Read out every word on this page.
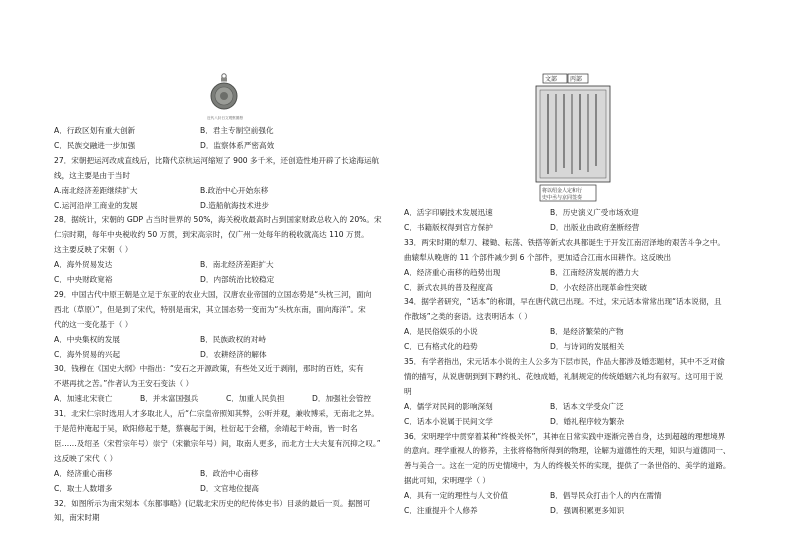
近代八卦日文观察图册
文部 丙部
将以绍金人定和行
史中丞与京同签奏
A．行政区划有重大创新	B．君主专制空前强化
C．民族交融进一步加强	D．监察体系严密高效
27．宋朝把运河改成直线后，比隋代京杭运河缩短了 900 多千米，还创造性地开辟了长途海运航
线，这主要是由于当时
A.南北经济差距继续扩大	B.政治中心开始东移
C.运河沿岸工商业的发展	D.造船航海技术进步
28．据统计，宋朝的 GDP 占当时世界的 50%，海关税收最高时占到国家财政总收入的 20%。宋
仁宗时期，每年中央税收约 50 万贯，到宋高宗时，仅广州一处每年的税收就高达 110 万贯。
这主要反映了宋朝（ ）
A．海外贸易发达	B．南北经济差距扩大
C．中央财政宽裕	D．内部统治比较稳定
29．中国古代中原王朝是立足于东亚的农业大国，汉唐农业帝国的立国态势是“头枕三河，面向
西北（草原）”，但是到了宋代，特别是南宋，其立国态势一变而为“头枕东南，面向海洋”。宋
代的这一变化基于（ ）
A．中央集权的发展	B．民族政权的对峙
C．海外贸易的兴起	D．农耕经济的解体
30．钱穆在《国史大纲》中指出：“安石之开源政策，有些处又近于剥削，那时的百姓，实有
不堪再扰之苦。”作者认为王安石变法（ ）
A．加速北宋衰亡	B．并未富国强兵	C．加重人民负担	D．加强社会管控
31．北宋仁宗时选用人才多取北人，后“仁宗皇帝照知其弊，公听并观，兼收博采，无南北之异。
于是范仲淹起于吴，欧阳修起于楚，蔡襄起于闽，杜衍起于会稽，余靖起于岭南，皆一时名
臣……及绍圣（宋哲宗年号）崇宁（宋徽宗年号）间，取南人更多，而北方士大夫复有沉抑之叹。”
这反映了宋代（ ）
A．经济重心南移	B．政治中心南移
C．取士人数增多	D．文官地位提高
32．如图所示为南宋刻本《东都事略》(记载北宋历史的纪传体史书）目录的最后一页。据图可
知，南宋时期
A．活字印刷技术发展迅速	B．历史演义广受市场欢迎
C．书籍版权得到官方保护	D．出版业由政府垄断经营
33．两宋时期的犁刀、耧锄、耘荡、铁搭等新式农具都诞生于开发江南沼泽地的艰苦斗争之中。
曲辕犁从晚唐的 11 个部件减少到 6 个部件，更加适合江南水田耕作。这反映出
A．经济重心南移的趋势出现	B．江南经济发展的潜力大
C．新式农具的普及程度高	D．小农经济出现革命性突破
34．据学者研究，“话本”的称谓，早在唐代就已出现。不过，宋元话本常常出现“话本说彻，且
作散场”之类的套语。这表明话本（ ）
A．是民俗娱乐的小说	B．是经济繁荣的产物
C．已有格式化的趋势	D．与诗词的发展相关
35．有学者指出，宋元话本小说的主人公多为下层市民，作品大都涉及婚恋题材，其中不乏对偷
情的描写，从说唐朝到到下聘约礼、花烛成婚，礼制规定的传统婚姻六礼均有叙写。这可用于说
明
A．儒学对民间的影响深刻	B．话本文学受众广泛
C．话本小说属于民间文学	D．婚礼程序较为繁杂
36．宋明理学中贯穿着某种“终极关怀”，其神在日常实践中逐渐完善自身，达到超越的理想境界
的意向。理学重视人的修养，主张将格物所得到的物理，诠解为道德性的天理，知识与道德同一、
善与美合一。这在一定的历史情境中，为人的终极关怀的实现，提供了一条世俗的、美学的道路。
据此可知，宋明理学（ ）
A．具有一定的理性与人文价值	B．倡导民众打击个人的内在需情
C．注重提升个人修养	D．强调积累更多知识
